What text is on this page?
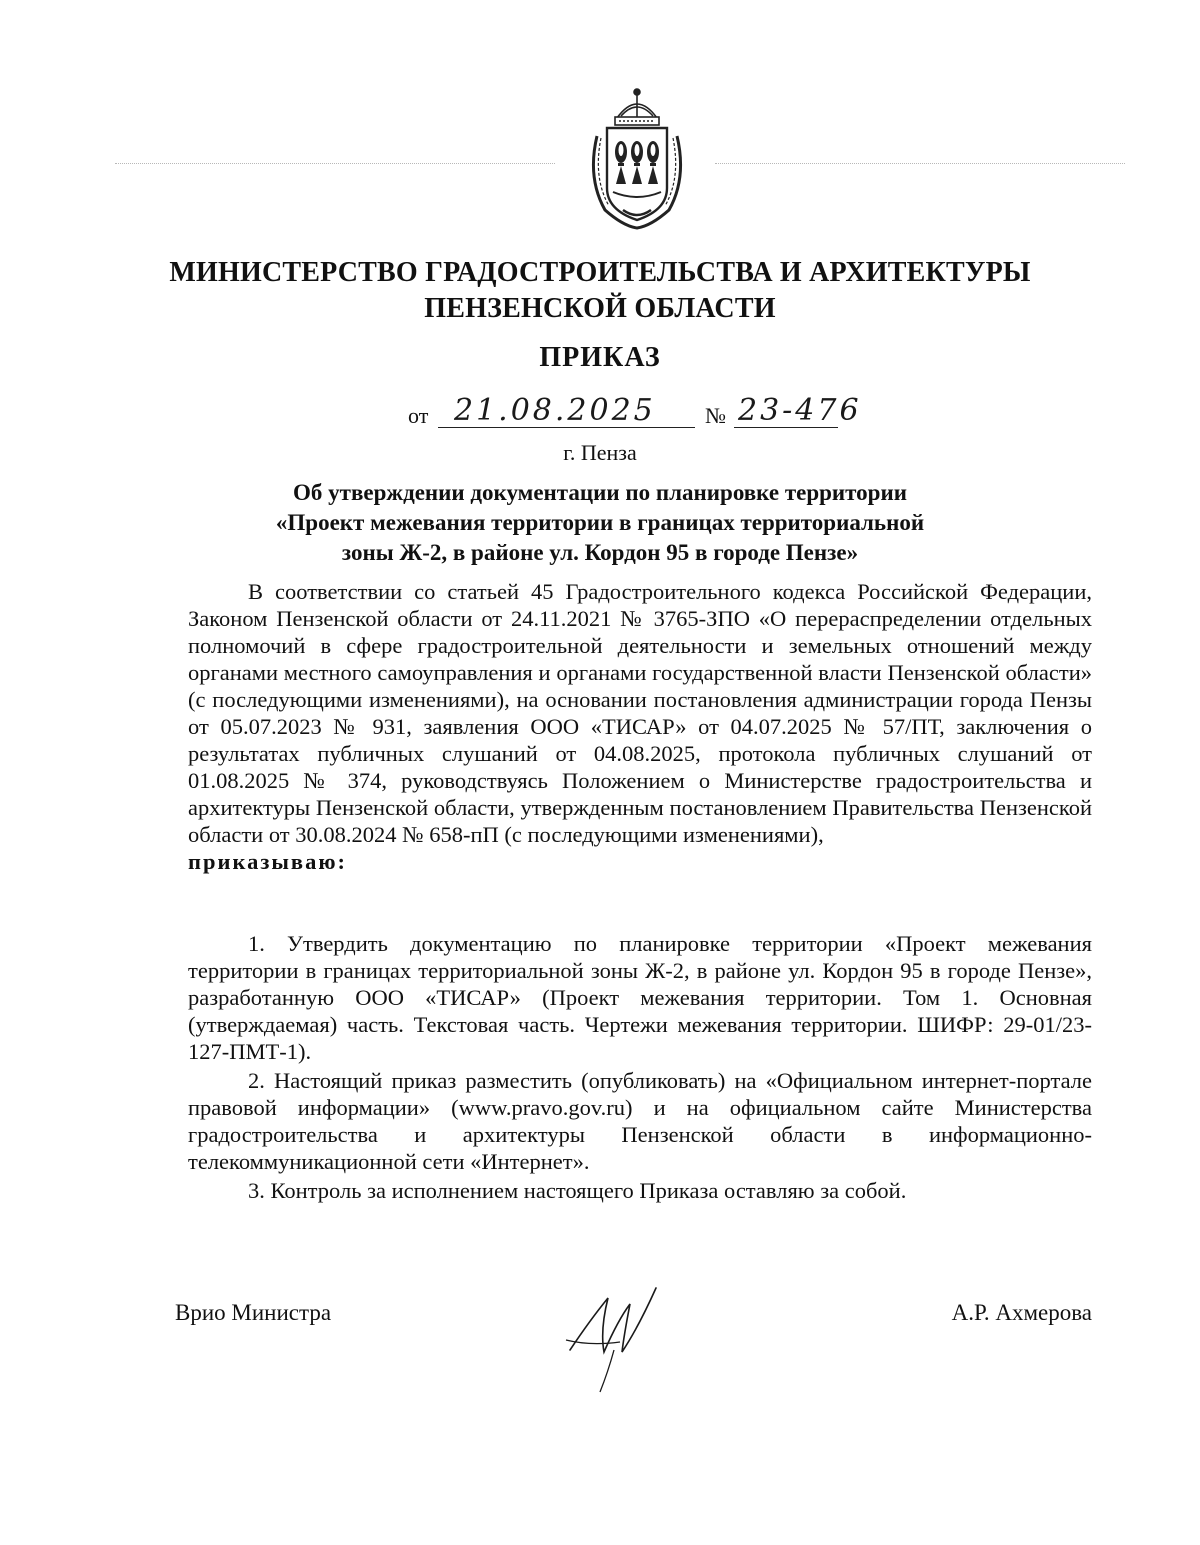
МИНИСТЕРСТВО ГРАДОСТРОИТЕЛЬСТВА И АРХИТЕКТУРЫ
ПЕНЗЕНСКОЙ ОБЛАСТИ
ПРИКАЗ
от 21.08.2025 № 23-476
г. Пенза
Об утверждении документации по планировке территории
«Проект межевания территории в границах территориальной
зоны Ж-2, в районе ул. Кордон 95 в городе Пензе»

В соответствии со статьей 45 Градостроительного кодекса Российской Федерации, Законом Пензенской области от 24.11.2021 № 3765-ЗПО «О перераспределении отдельных полномочий в сфере градостроительной деятельности и земельных отношений между органами местного самоуправления и органами государственной власти Пензенской области» (с последующими изменениями), на основании постановления администрации города Пензы от 05.07.2023 № 931, заявления ООО «ТИСАР» от 04.07.2025 № 57/ПТ, заключения о результатах публичных слушаний от 04.08.2025, протокола публичных слушаний от 01.08.2025 № 374, руководствуясь Положением о Министерстве градостроительства и архитектуры Пензенской области, утвержденным постановлением Правительства Пензенской области от 30.08.2024 № 658-пП (с последующими изменениями),
приказываю:

1. Утвердить документацию по планировке территории «Проект межевания территории в границах территориальной зоны Ж-2, в районе ул. Кордон 95 в городе Пензе», разработанную ООО «ТИСАР» (Проект межевания территории. Том 1. Основная (утверждаемая) часть. Текстовая часть. Чертежи межевания территории. ШИФР: 29-01/23-127-ПМТ-1).

2. Настоящий приказ разместить (опубликовать) на «Официальном интернет-портале правовой информации» (www.pravo.gov.ru) и на официальном сайте Министерства градостроительства и архитектуры Пензенской области в информационно-телекоммуникационной сети «Интернет».

3. Контроль за исполнением настоящего Приказа оставляю за собой.

Врио Министра	А.Р. Ахмерова
